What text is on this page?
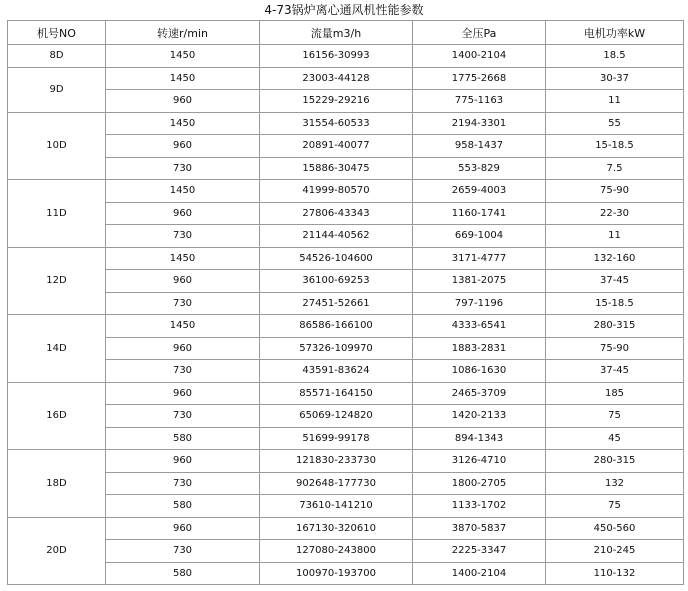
4-73锅炉离心通风机性能参数
机号NO	转速r/min	流量m3/h	全压Pa	电机功率kW
8D	1450	16156-30993	1400-2104	18.5
9D	1450	23003-44128	1775-2668	30-37
	960	15229-29216	775-1163	11
10D	1450	31554-60533	2194-3301	55
	960	20891-40077	958-1437	15-18.5
	730	15886-30475	553-829	7.5
11D	1450	41999-80570	2659-4003	75-90
	960	27806-43343	1160-1741	22-30
	730	21144-40562	669-1004	11
12D	1450	54526-104600	3171-4777	132-160
	960	36100-69253	1381-2075	37-45
	730	27451-52661	797-1196	15-18.5
14D	1450	86586-166100	4333-6541	280-315
	960	57326-109970	1883-2831	75-90
	730	43591-83624	1086-1630	37-45
16D	960	85571-164150	2465-3709	185
	730	65069-124820	1420-2133	75
	580	51699-99178	894-1343	45
18D	960	121830-233730	3126-4710	280-315
	730	902648-177730	1800-2705	132
	580	73610-141210	1133-1702	75
20D	960	167130-320610	3870-5837	450-560
	730	127080-243800	2225-3347	210-245
	580	100970-193700	1400-2104	110-132
